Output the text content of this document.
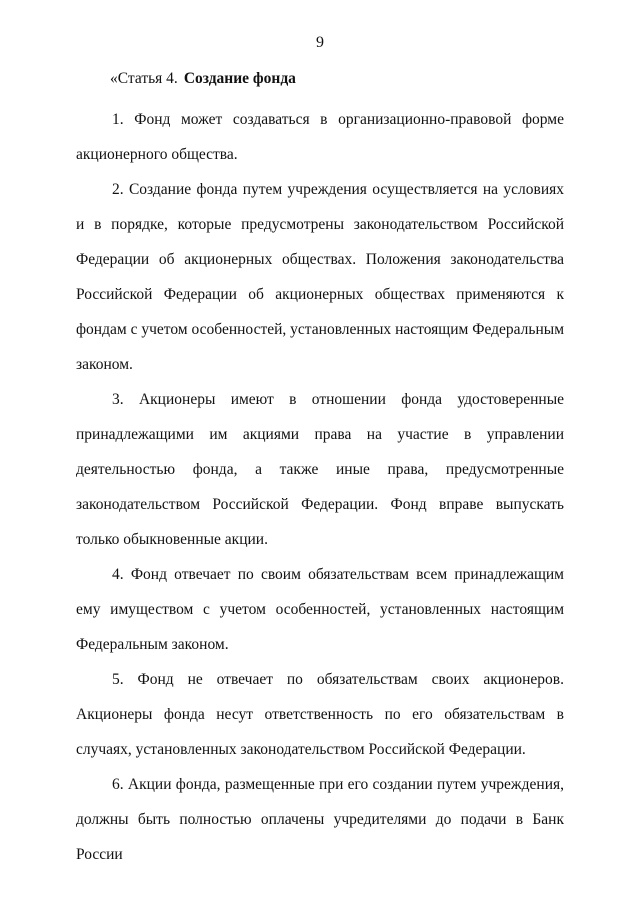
9
«Статья 4. Создание фонда

1. Фонд может создаваться в организационно-правовой форме акционерного общества.

2. Создание фонда путем учреждения осуществляется на условиях и в порядке, которые предусмотрены законодательством Российской Федерации об акционерных обществах. Положения законодательства Российской Федерации об акционерных обществах применяются к фондам с учетом особенностей, установленных настоящим Федеральным законом.

3. Акционеры имеют в отношении фонда удостоверенные принадлежащими им акциями права на участие в управлении деятельностью фонда, а также иные права, предусмотренные законодательством Российской Федерации. Фонд вправе выпускать только обыкновенные акции.

4. Фонд отвечает по своим обязательствам всем принадлежащим ему имуществом с учетом особенностей, установленных настоящим Федеральным законом.

5. Фонд не отвечает по обязательствам своих акционеров. Акционеры фонда несут ответственность по его обязательствам в случаях, установленных законодательством Российской Федерации.

6. Акции фонда, размещенные при его создании путем учреждения, должны быть полностью оплачены учредителями до подачи в Банк России
